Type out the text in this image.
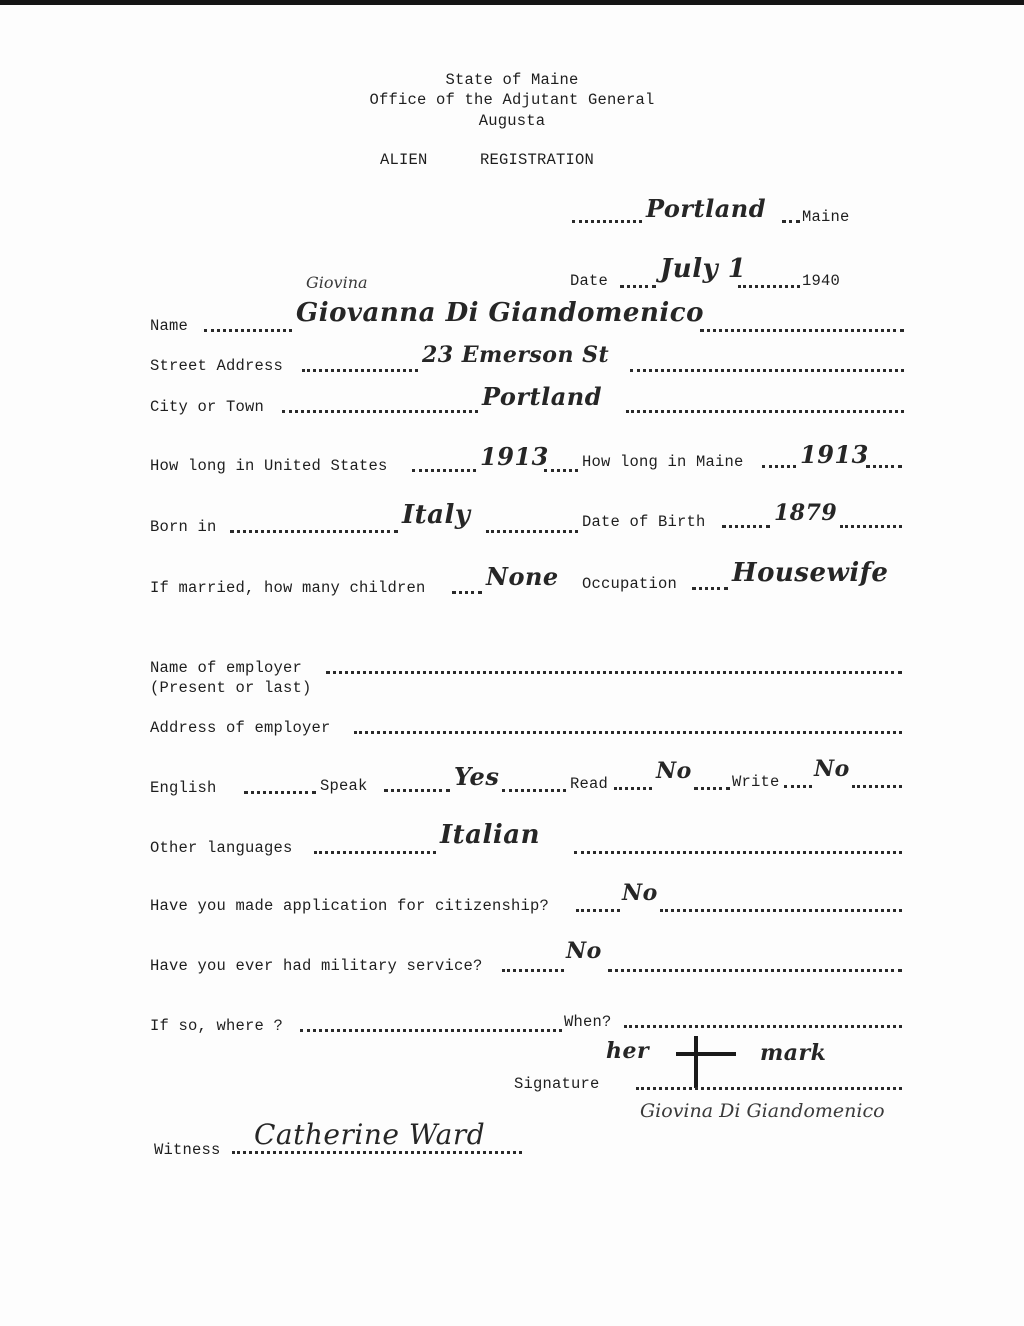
State of Maine
Office of the Adjutant General
Augusta
ALIEN	REGISTRATION
Portland Maine
Giovina	Date July 1	1940
Name	Giovanna Di Giandomenico
Street Address	23 Emerson St
City or Town	Portland
How long in United States	1913 How long in Maine 1913
Born in	Italy	Date of Birth	1879
If married, how many children	None Occupation Housewife
Name of employer
(Present or last)
Address of employer
English	Speak	Yes	Read No	Write No
Other languages	Italian
Have you made application for citizenship?	No
Have you ever had military service?
No
If so, where ?	When?
her	mark
Signature
Giovina Di Giandomenico
Witness Catherine Ward
